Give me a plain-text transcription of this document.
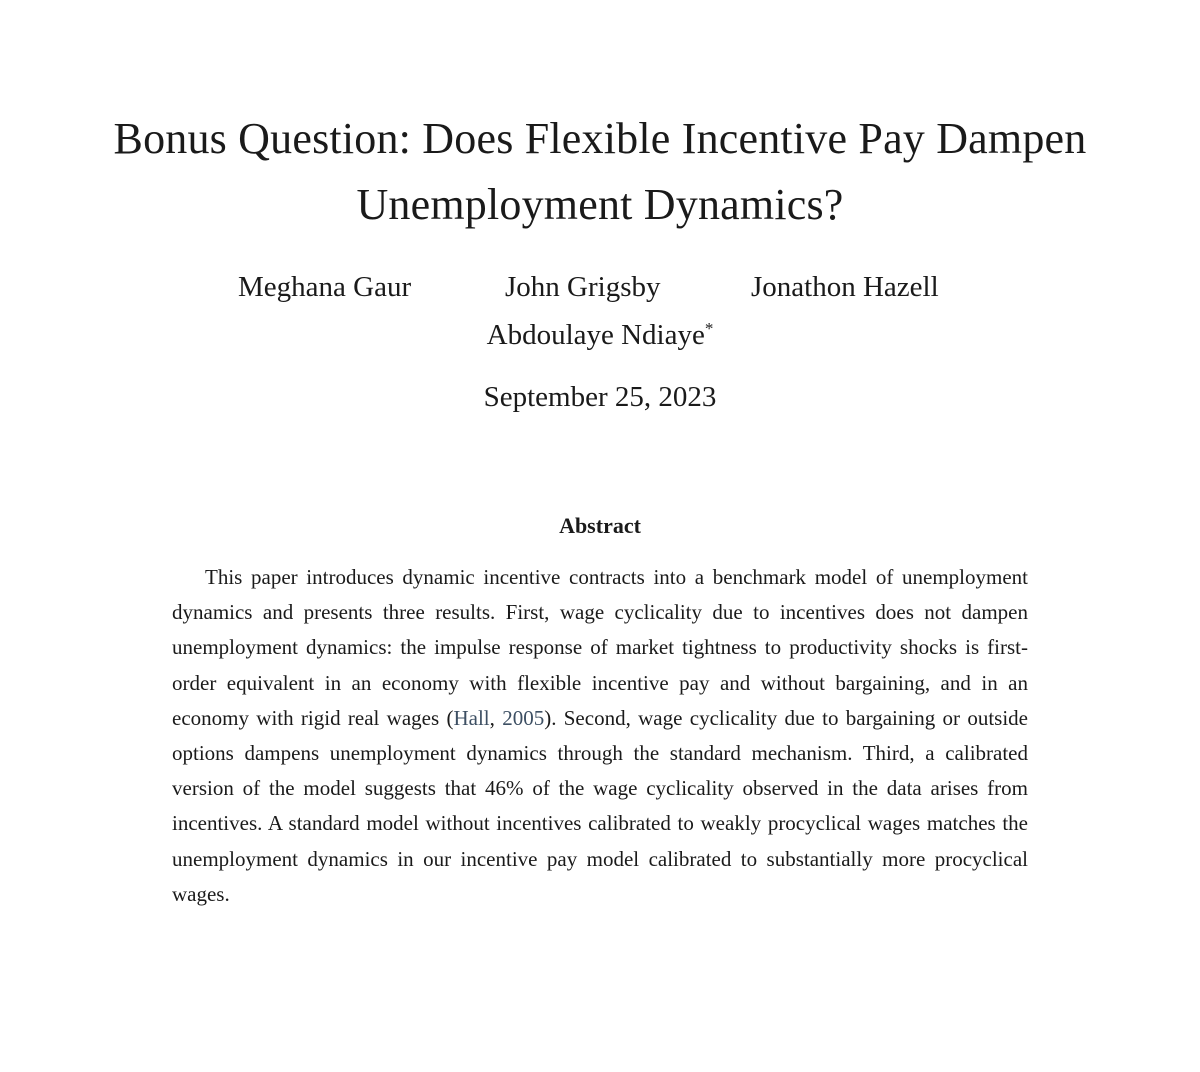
Bonus Question: Does Flexible Incentive Pay Dampen Unemployment Dynamics?
Meghana Gaur	John Grigsby	Jonathon Hazell
Abdoulaye Ndiaye*
September 25, 2023
Abstract

This paper introduces dynamic incentive contracts into a benchmark model of unemployment dynamics and presents three results. First, wage cyclicality due to incentives does not dampen unemployment dynamics: the impulse response of market tightness to productivity shocks is first-order equivalent in an economy with flexible incentive pay and without bargaining, and in an economy with rigid real wages (Hall, 2005). Second, wage cyclicality due to bargaining or outside options dampens unemployment dynamics through the standard mechanism. Third, a calibrated version of the model suggests that 46% of the wage cyclicality observed in the data arises from incentives. A standard model without incentives calibrated to weakly procyclical wages matches the unemployment dynamics in our incentive pay model calibrated to substantially more procyclical wages.
